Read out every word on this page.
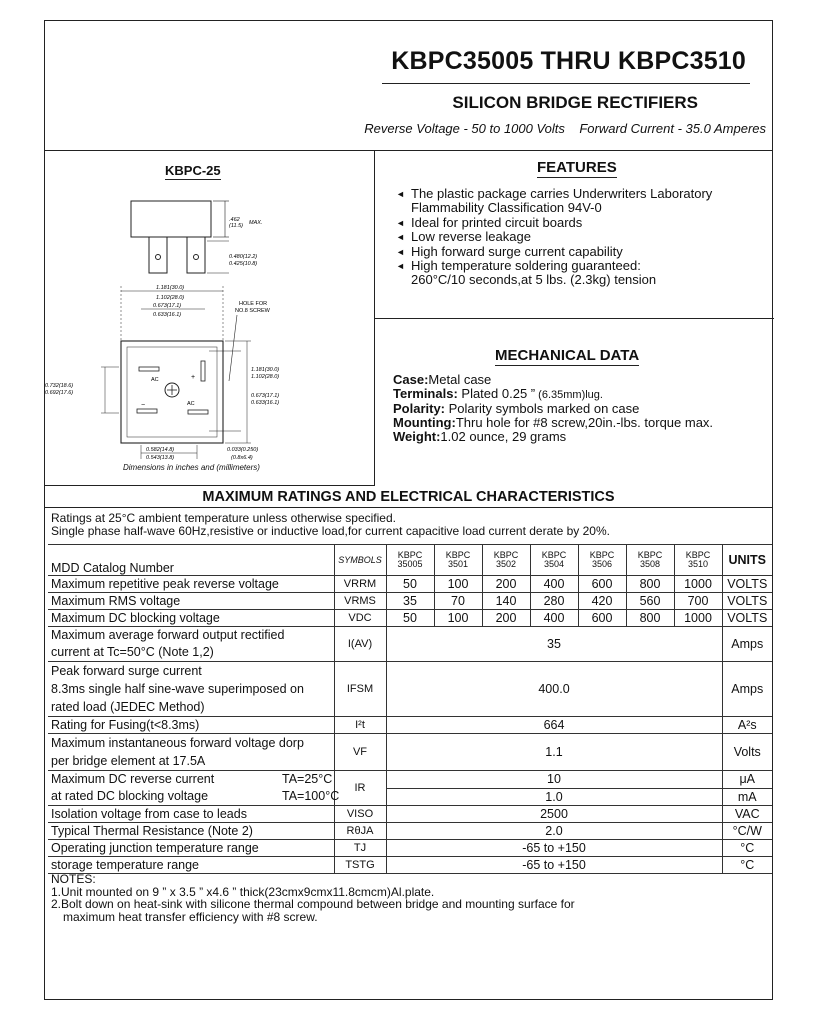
KBPC35005 THRU KBPC3510
SILICON BRIDGE RECTIFIERS
Reverse Voltage - 50 to 1000 Volts Forward Current - 35.0 Amperes
KBPC-25
.462
(11.5) MAX.
0.480(12.2)
0.425(10.8)
1.181(30.0)
1.102(28.0)
0.673(17.1)
0.633(16.1)
HOLE FOR
NO.8 SCREW
AC
AC
+
−
1.181(30.0)
1.102(28.0)
0.673(17.1)
0.633(16.1)
0.732(18.6)
0.692(17.6)
0.582(14.8)
0.543(13.8)
0.033(0.250)
(0.8x6.4)
Dimensions in inches and (millimeters)
FEATURES
◄ The plastic package carries Underwriters Laboratory
Flammability Classification 94V-0
◄ Ideal for printed circuit boards
◄ Low reverse leakage
◄ High forward surge current capability
◄ High temperature soldering guaranteed:
260°C/10 seconds,at 5 lbs. (2.3kg) tension
MECHANICAL DATA
Case:Metal case
Terminals: Plated 0.25 ” (6.35mm)lug.
Polarity: Polarity symbols marked on case
Mounting:Thru hole for #8 screw,20in.-lbs. torque max.
Weight:1.02 ounce, 29 grams
MAXIMUM RATINGS AND ELECTRICAL CHARACTERISTICS
Ratings at 25°C ambient temperature unless otherwise specified.
Single phase half-wave 60Hz,resistive or inductive load,for current capacitive load current derate by 20%.
MDD Catalog Number	SYMBOLS	KBPC 35005	KBPC 3501	KBPC 3502	KBPC 3504	KBPC 3506	KBPC 3508	KBPC 3510	UNITS
Maximum repetitive peak reverse voltage	VRRM	50	100	200	400	600	800	1000	VOLTS
Maximum RMS voltage	VRMS	35	70	140	280	420	560	700	VOLTS
Maximum DC blocking voltage	VDC	50	100	200	400	600	800	1000	VOLTS

Maximum average forward output rectified
current at Tc=50°C (Note 1,2)	I(AV)	35							Amps

Peak forward surge current
8.3ms single half sine-wave superimposed on
rated load (JEDEC Method)	IFSM	400.0							Amps
Rating for Fusing(t<8.3ms)	I²t	664							A²s

Maximum instantaneous forward voltage dorp
per bridge element at 17.5A	VF	1.1							Volts

Maximum DC reverse current TA=25°C
at rated DC blocking voltage TA=100°C	IR	10							μA
		1.0							mA
Isolation voltage from case to leads	VISO	2500							VAC
Typical Thermal Resistance (Note 2)	RθJA	2.0							°C/W
Operating junction temperature range	TJ	-65 to +150							°C
storage temperature range	TSTG	-65 to +150							°C
NOTES:
1.Unit mounted on 9 ” x 3.5 ” x4.6 ” thick(23cmx9cmx11.8cmcm)Al.plate.
2.Bolt down on heat-sink with silicone thermal compound between bridge and mounting surface for
maximum heat transfer efficiency with #8 screw.
